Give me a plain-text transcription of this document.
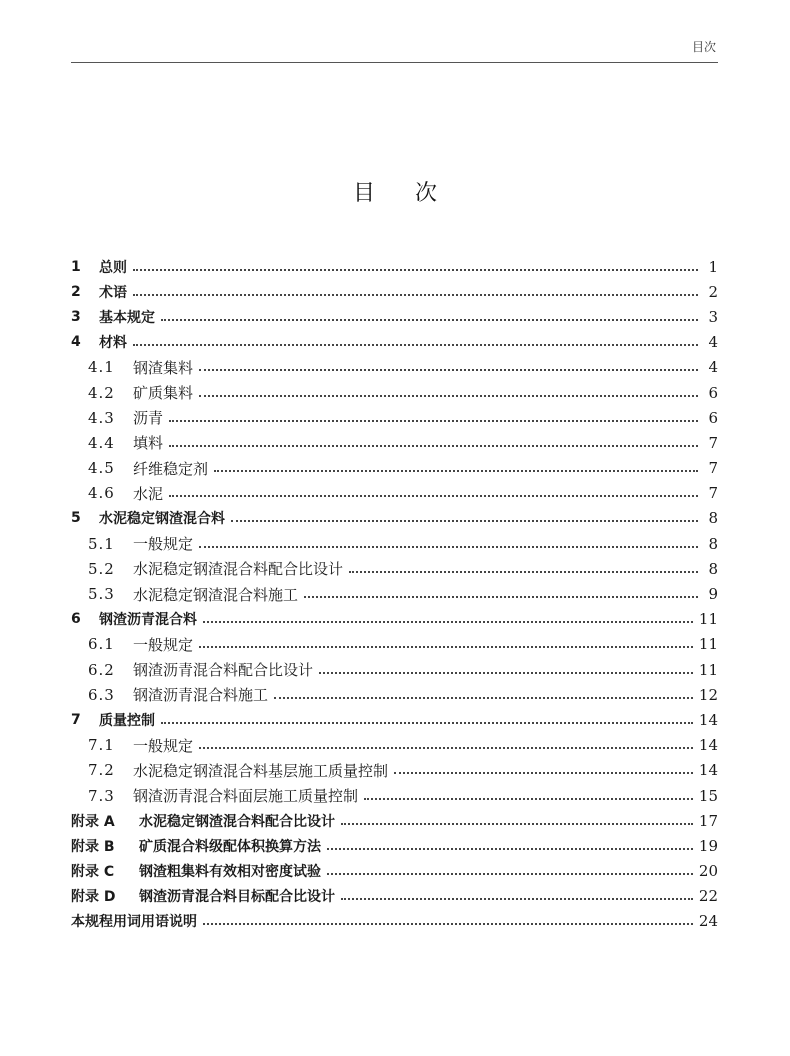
目次
目次
1	总则	1
2	术语	2
3	基本规定	3
4	材料	4
4.1	钢渣集料	4
4.2	矿质集料	6
4.3	沥青	6
4.4	填料	7
4.5	纤维稳定剂	7
4.6	水泥	7
5	水泥稳定钢渣混合料	8
5.1	一般规定	8
5.2	水泥稳定钢渣混合料配合比设计	8
5.3	水泥稳定钢渣混合料施工	9
6	钢渣沥青混合料	11
6.1	一般规定	11
6.2	钢渣沥青混合料配合比设计	11
6.3	钢渣沥青混合料施工	12
7	质量控制	14
7.1	一般规定	14
7.2	水泥稳定钢渣混合料基层施工质量控制	14
7.3	钢渣沥青混合料面层施工质量控制	15
附录 A	水泥稳定钢渣混合料配合比设计	17
附录 B	矿质混合料级配体积换算方法	19
附录 C	钢渣粗集料有效相对密度试验	20
附录 D	钢渣沥青混合料目标配合比设计	22
本规程用词用语说明	24
